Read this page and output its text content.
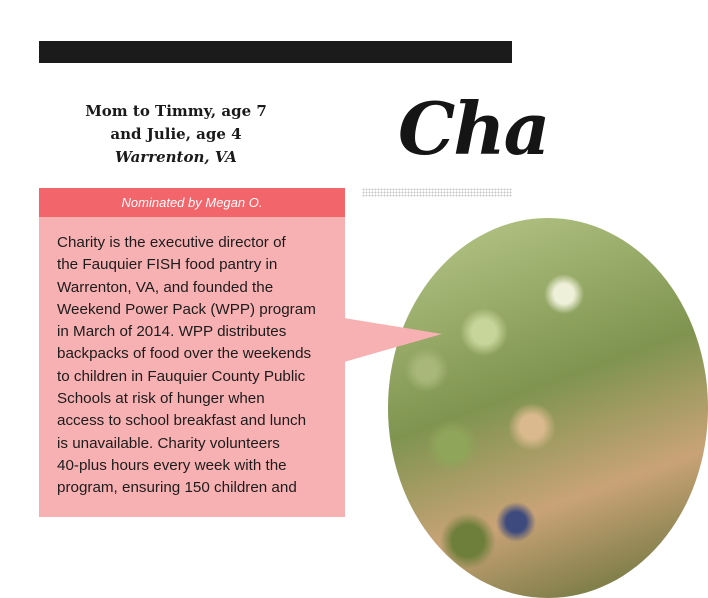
Mom to Timmy, age 7
and Julie, age 4
Warrenton, VA	Cha
Nominated by Megan O.
Charity is the executive director of
the Fauquier FISH food pantry in
Warrenton, VA, and founded the
Weekend Power Pack (WPP) program
in March of 2014. WPP distributes
backpacks of food over the weekends
to children in Fauquier County Public
Schools at risk of hunger when
access to school breakfast and lunch
is unavailable. Charity volunteers
40-plus hours every week with the
program, ensuring 150 children and
